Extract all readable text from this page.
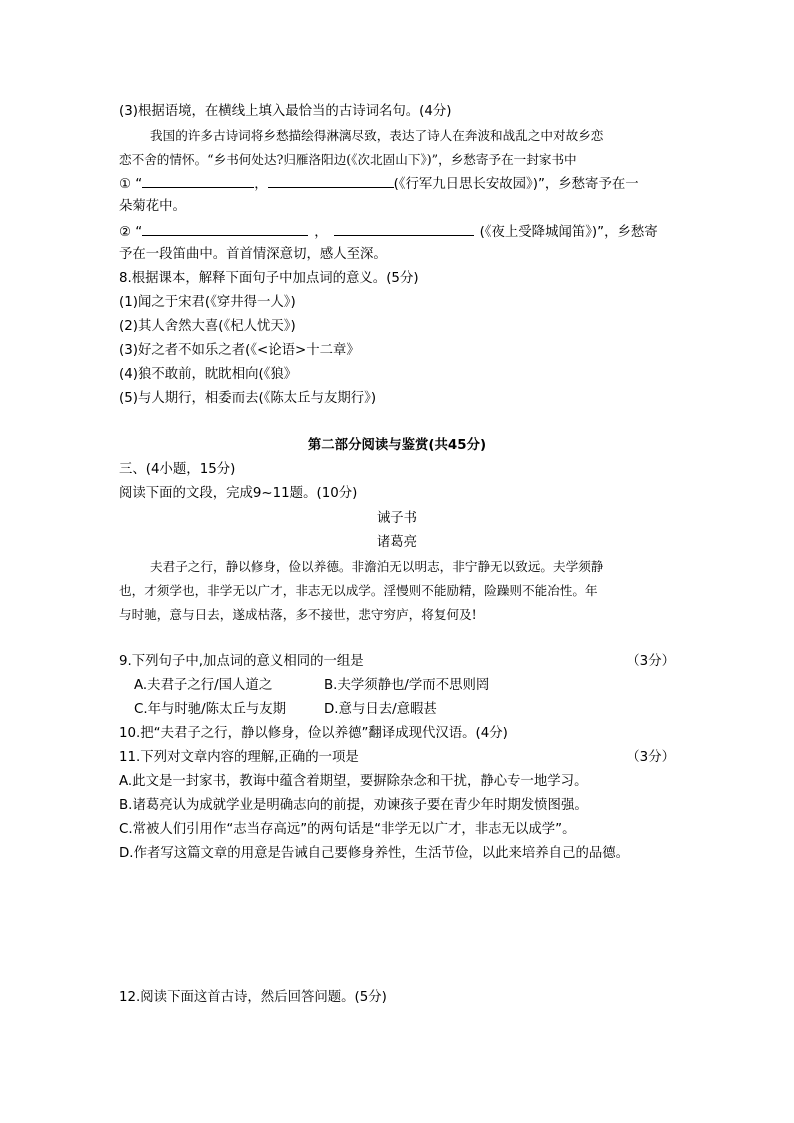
(3)根据语境，在横线上填入最恰当的古诗词名句。(4分)
我国的许多古诗词将乡愁描绘得淋漓尽致，表达了诗人在奔波和战乱之中对故乡恋
恋不舍的情怀。“乡书何处达?归雁洛阳边(《次北固山下》)”，乡愁寄予在一封家书中
① “	，	(《行军九日思长安故园》)”，乡愁寄予在一
朵菊花中。
② “	，	(《夜上受降城闻笛》)”，乡愁寄
予在一段笛曲中。首首情深意切，感人至深。
8.根据课本，解释下面句子中加点词的意义。(5分)
(1)闻之于宋君(《穿井得一人》)
(2)其人舍然大喜(《杞人忧天》)
(3)好之者不如乐之者(《<论语>十二章》
(4)狼不敢前，眈眈相向(《狼》
(5)与人期行，相委而去(《陈太丘与友期行》)
第二部分阅读与鉴赏(共45分)
三、(4小题，15分)
阅读下面的文段，完成9~11题。(10分)
诫子书
诸葛亮
夫君子之行，静以修身，俭以养德。非澹泊无以明志，非宁静无以致远。夫学须静
也，才须学也，非学无以广才，非志无以成学。淫慢则不能励精，险躁则不能冶性。年
与时驰，意与日去，遂成枯落，多不接世，悲守穷庐，将复何及!
9.下列句子中,加点词的意义相同的一组是	（3分）
A.夫君子之行/国人道之	B.夫学须静也/学而不思则罔
C.年与时驰/陈太丘与友期	D.意与日去/意暇甚
10.把“夫君子之行，静以修身，俭以养德”翻译成现代汉语。(4分)
11.下列对文章内容的理解,正确的一项是	（3分）
A.此文是一封家书，教诲中蕴含着期望，要摒除杂念和干扰，静心专一地学习。
B.诸葛亮认为成就学业是明确志向的前提，劝谏孩子要在青少年时期发愤图强。
C.常被人们引用作“志当存高远”的两句话是“非学无以广才，非志无以成学”。
D.作者写这篇文章的用意是告诫自己要修身养性，生活节俭，以此来培养自己的品德。
12.阅读下面这首古诗，然后回答问题。(5分)
